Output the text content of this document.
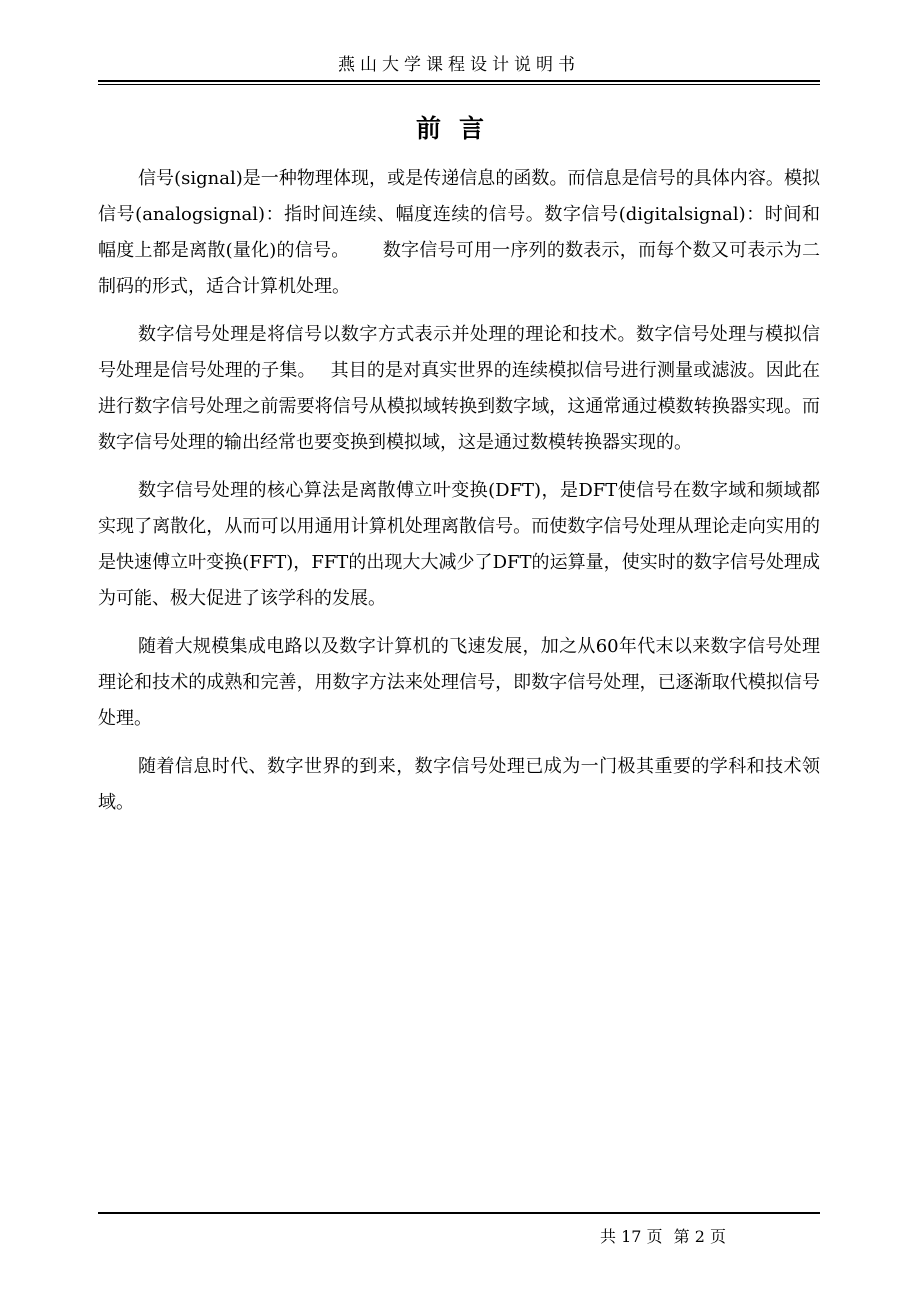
燕山大学课程设计说明书
前言

信号(signal)是一种物理体现，或是传递信息的函数。而信息是信号的具体内容。模拟信号(analogsignal)：指时间连续、幅度连续的信号。数字信号(digitalsignal)：时间和幅度上都是离散(量化)的信号。　　 数字信号可用一序列的数表示，而每个数又可表示为二制码的形式，适合计算机处理。

数字信号处理是将信号以数字方式表示并处理的理论和技术。数字信号处理与模拟信号处理是信号处理的子集。　 其目的是对真实世界的连续模拟信号进行测量或滤波。因此在进行数字信号处理之前需要将信号从模拟域转换到数字域，这通常通过模数转换器实现。而数字信号处理的输出经常也要变换到模拟域，这是通过数模转换器实现的。

数字信号处理的核心算法是离散傅立叶变换(DFT)，是DFT使信号在数字域和频域都实现了离散化，从而可以用通用计算机处理离散信号。而使数字信号处理从理论走向实用的是快速傅立叶变换(FFT)，FFT的出现大大减少了DFT的运算量，使实时的数字信号处理成为可能、极大促进了该学科的发展。

随着大规模集成电路以及数字计算机的飞速发展，加之从60年代末以来数字信号处理理论和技术的成熟和完善，用数字方法来处理信号，即数字信号处理，已逐渐取代模拟信号处理。

随着信息时代、数字世界的到来，数字信号处理已成为一门极其重要的学科和技术领域。

共 17 页 第 2 页
